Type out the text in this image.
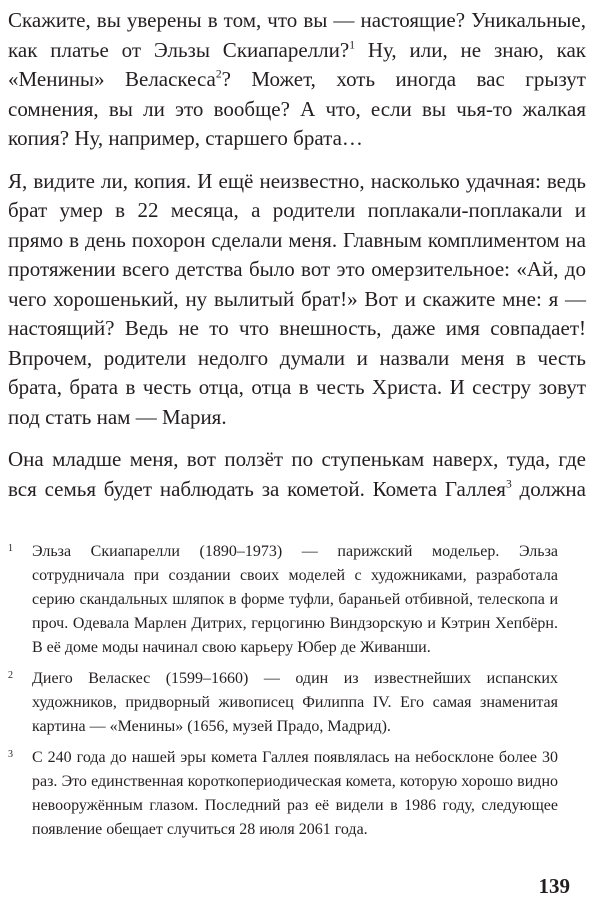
Скажите, вы уверены в том, что вы — настоящие? Уникальные, как платье от Эльзы Скиапарелли?$^1$ Ну, или, не знаю, как «Менины» Веласкеса$^2$? Может, хоть иногда вас грызут сомнения, вы ли это вообще? А что, если вы чья-то жалкая копия? Ну, например, старшего брата…

Я, видите ли, копия. И ещё неизвестно, насколько удачная: ведь брат умер в 22 месяца, а родители поплакали-поплакали и прямо в день похорон сделали меня. Главным комплиментом на протяжении всего детства было вот это омерзительное: «Ай, до чего хорошенький, ну вылитый брат!» Вот и скажите мне: я — настоящий? Ведь не то что внешность, даже имя совпадает! Впрочем, родители недолго думали и назвали меня в честь брата, брата в честь отца, отца в честь Христа. И сестру зовут под стать нам — Мария.

Она младше меня, вот ползёт по ступенькам наверх, туда, где вся семья будет наблюдать за кометой. Комета Галлея$^3$ должна

1 Эльза Скиапарелли (1890–1973) — парижский модельер. Эльза сотрудничала при создании своих моделей с художниками, разработала серию скандальных шляпок в форме туфли, бараньей отбивной, телескопа и проч. Одевала Марлен Дитрих, герцогиню Виндзорскую и Кэтрин Хепбёрн. В её доме моды начинал свою карьеру Юбер де Живанши.
2 Диего Веласкес (1599–1660) — один из известнейших испанских художников, придворный живописец Филиппа IV. Его самая знаменитая картина — «Менины» (1656, музей Прадо, Мадрид).
3 С 240 года до нашей эры комета Галлея появлялась на небосклоне более 30 раз. Это единственная короткопериодическая комета, которую хорошо видно невооружённым глазом. Последний раз её видели в 1986 году, следующее появление обещает случиться 28 июля 2061 года.
139
